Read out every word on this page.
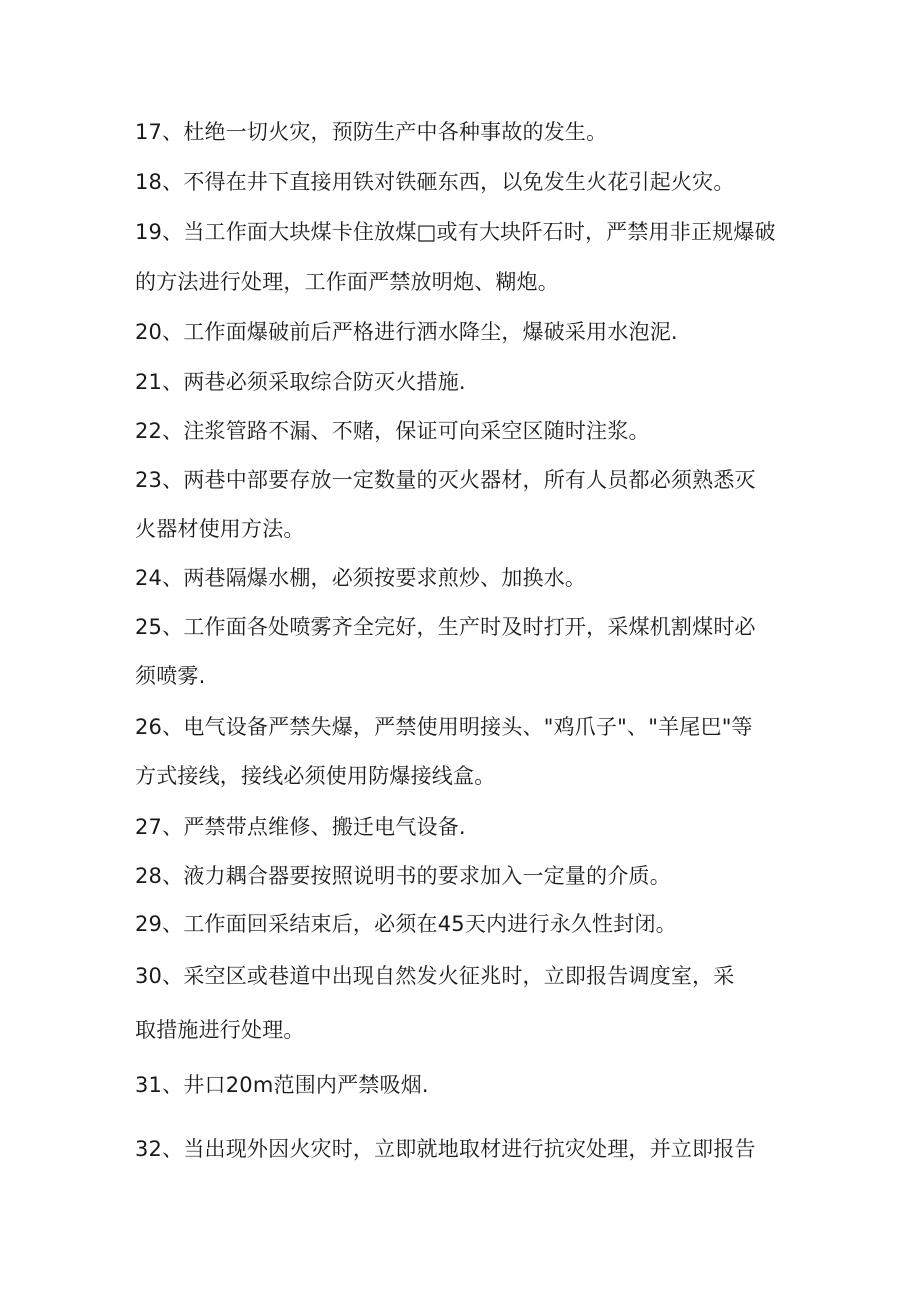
17、杜绝一切火灾，预防生产中各种事故的发生。
18、不得在井下直接用铁对铁砸东西，以免发生火花引起火灾。
19、当工作面大块煤卡住放煤□或有大块阡石时，严禁用非正规爆破
的方法进行处理，工作面严禁放明炮、糊炮。
20、工作面爆破前后严格进行洒水降尘，爆破采用水泡泥.
21、两巷必须采取综合防灭火措施.
22、注浆管路不漏、不赌，保证可向采空区随时注浆。
23、两巷中部要存放一定数量的灭火器材，所有人员都必须熟悉灭
火器材使用方法。
24、两巷隔爆水棚，必须按要求煎炒、加换水。
25、工作面各处喷雾齐全完好，生产时及时打开，采煤机割煤时必
须喷雾.
26、电气设备严禁失爆，严禁使用明接头、"鸡爪子"、"羊尾巴"等
方式接线，接线必须使用防爆接线盒。
27、严禁带点维修、搬迁电气设备.
28、液力耦合器要按照说明书的要求加入一定量的介质。
29、工作面回采结束后，必须在45天内进行永久性封闭。
30、采空区或巷道中出现自然发火征兆时，立即报告调度室，采
取措施进行处理。
31、井口20m范围内严禁吸烟.
32、当出现外因火灾时，立即就地取材进行抗灾处理，并立即报告
